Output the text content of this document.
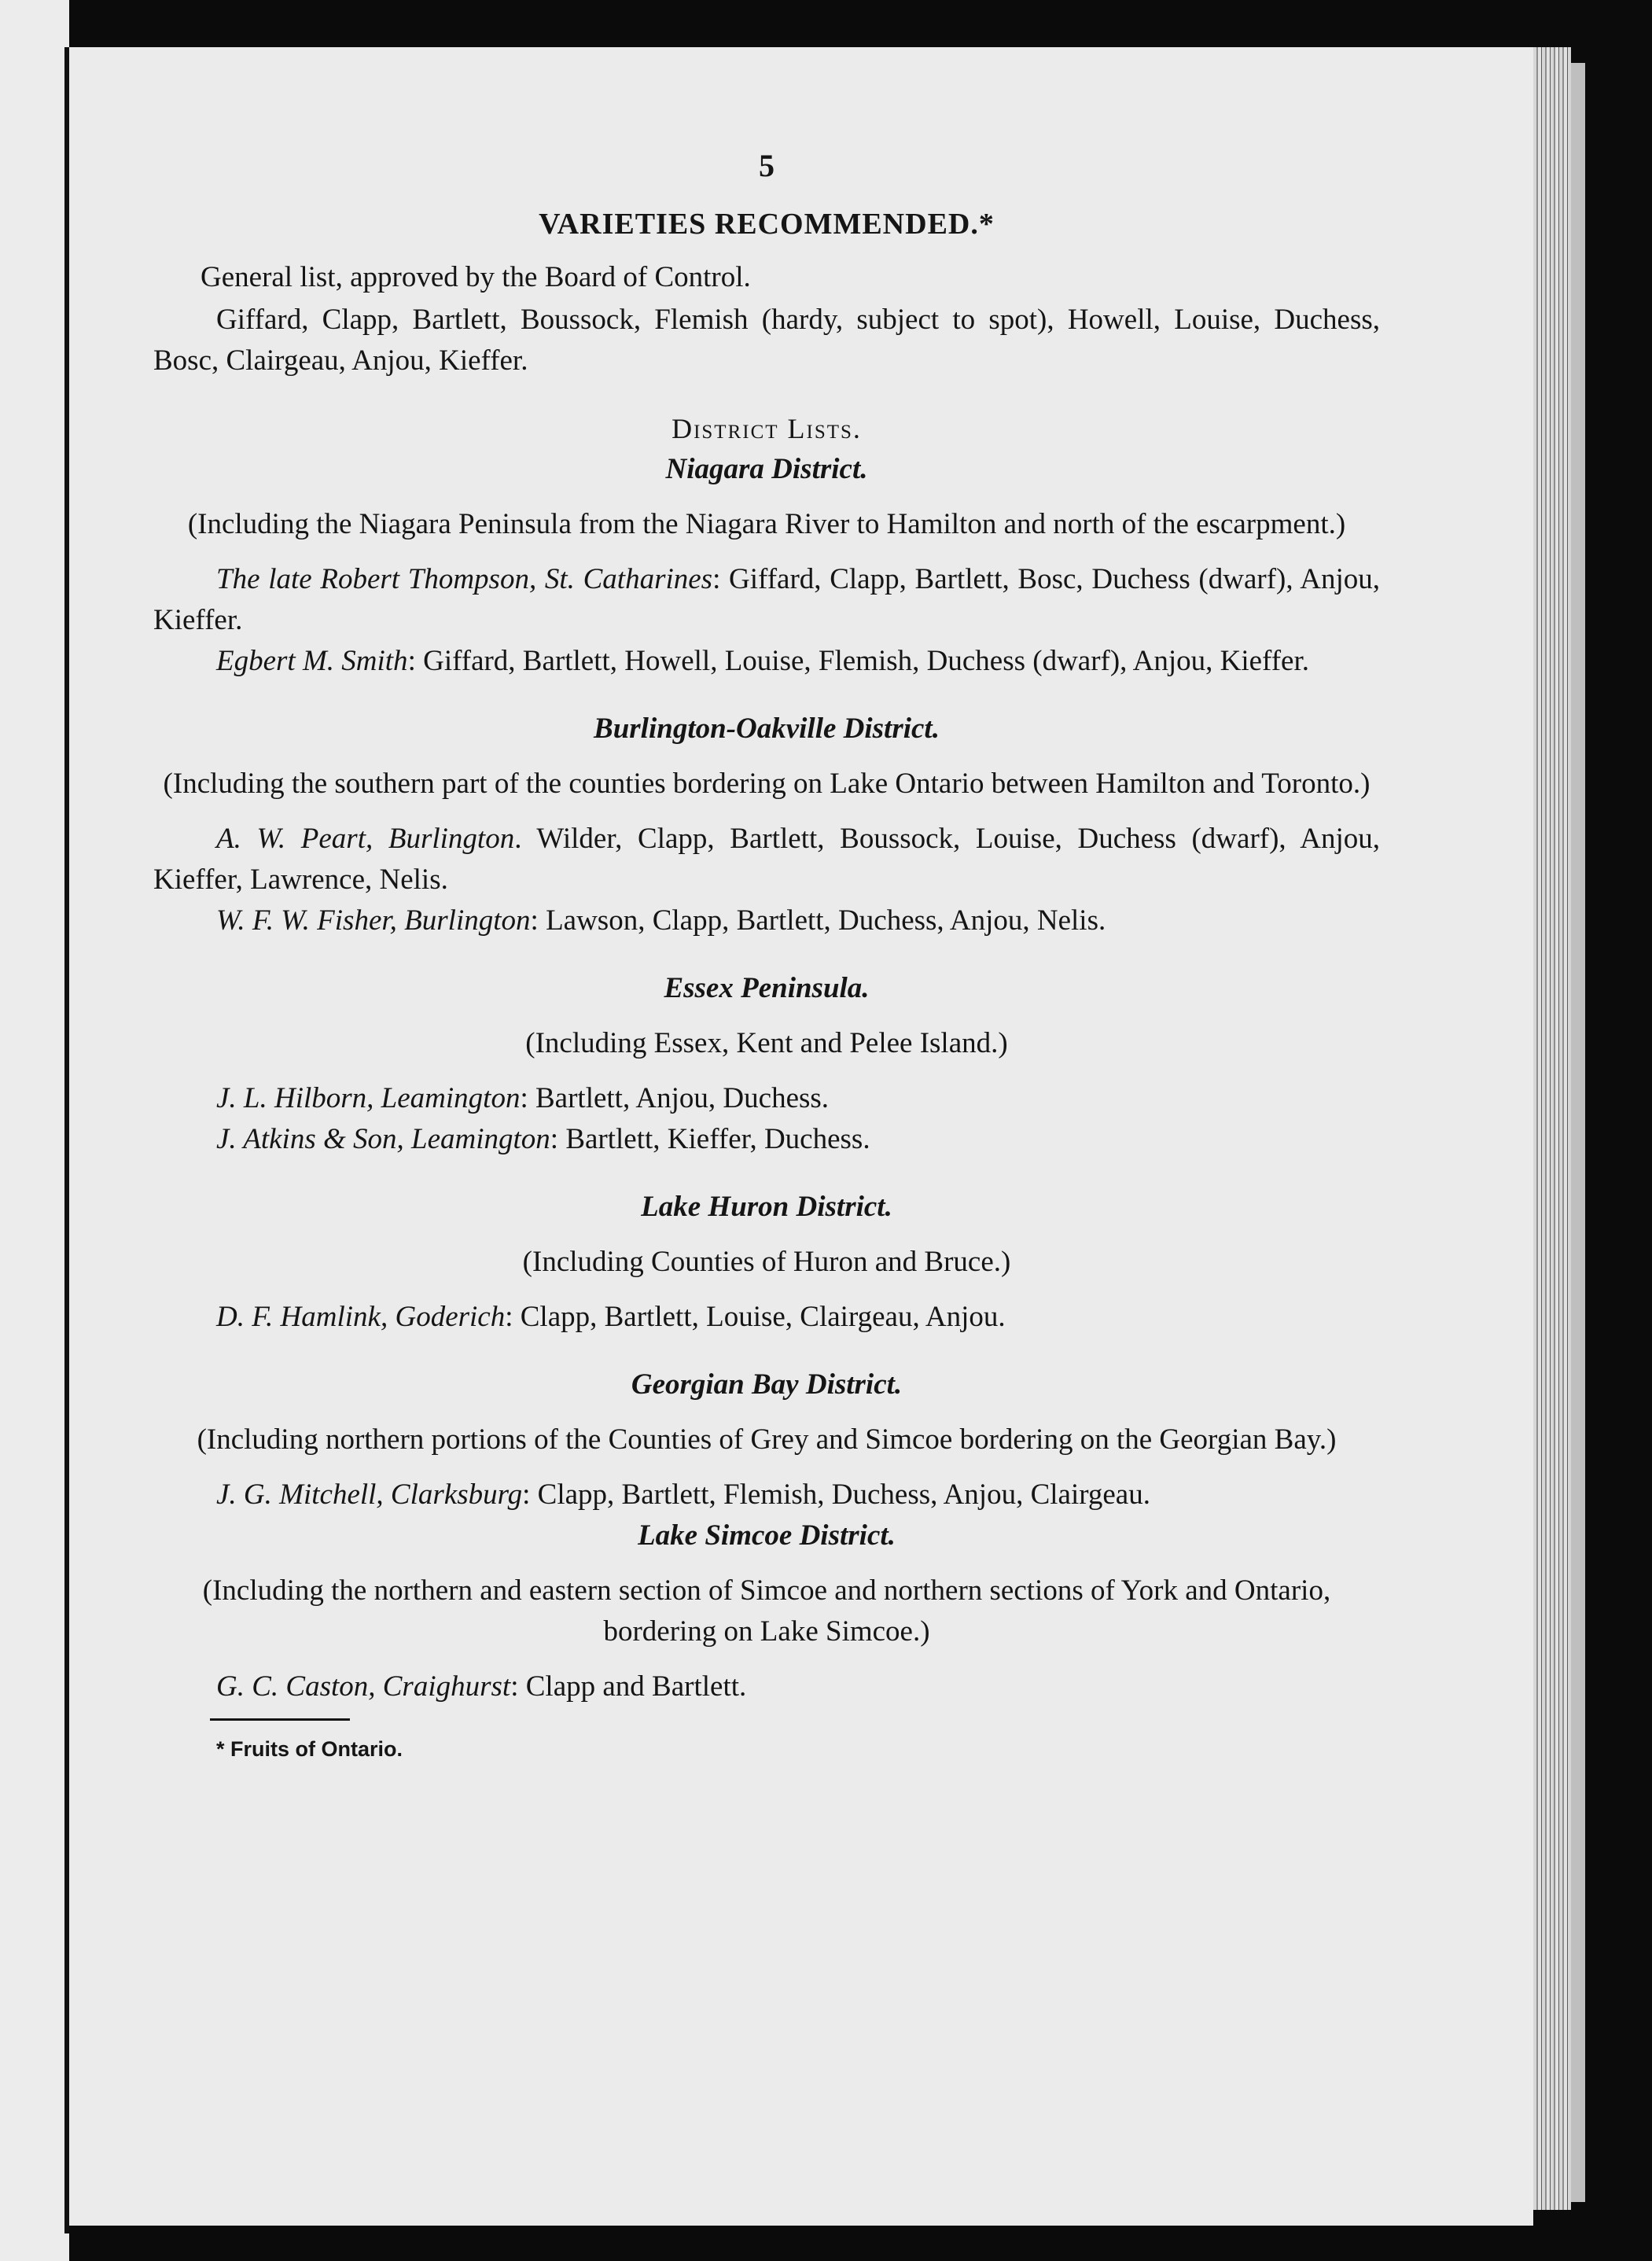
5
VARIETIES RECOMMENDED.*

General list, approved by the Board of Control.

Giffard, Clapp, Bartlett, Boussock, Flemish (hardy, subject to spot), Howell, Louise, Duchess, Bosc, Clairgeau, Anjou, Kieffer.

District Lists.
Niagara District.
(Including the Niagara Peninsula from the Niagara River to Hamilton and north of the escarpment.)

The late Robert Thompson, St. Catharines: Giffard, Clapp, Bartlett, Bosc, Duchess (dwarf), Anjou, Kieffer.

Egbert M. Smith: Giffard, Bartlett, Howell, Louise, Flemish, Duchess (dwarf), Anjou, Kieffer.

Burlington-Oakville District.
(Including the southern part of the counties bordering on Lake Ontario between Hamilton and Toronto.)

A. W. Peart, Burlington. Wilder, Clapp, Bartlett, Boussock, Louise, Duchess (dwarf), Anjou, Kieffer, Lawrence, Nelis.

W. F. W. Fisher, Burlington: Lawson, Clapp, Bartlett, Duchess, Anjou, Nelis.

Essex Peninsula.
(Including Essex, Kent and Pelee Island.)

J. L. Hilborn, Leamington: Bartlett, Anjou, Duchess.

J. Atkins & Son, Leamington: Bartlett, Kieffer, Duchess.

Lake Huron District.
(Including Counties of Huron and Bruce.)

D. F. Hamlink, Goderich: Clapp, Bartlett, Louise, Clairgeau, Anjou.

Georgian Bay District.
(Including northern portions of the Counties of Grey and Simcoe bordering on the Georgian Bay.)

J. G. Mitchell, Clarksburg: Clapp, Bartlett, Flemish, Duchess, Anjou, Clairgeau.

Lake Simcoe District.
(Including the northern and eastern section of Simcoe and northern sections of York and Ontario, bordering on Lake Simcoe.)

G. C. Caston, Craighurst: Clapp and Bartlett.

* Fruits of Ontario.
